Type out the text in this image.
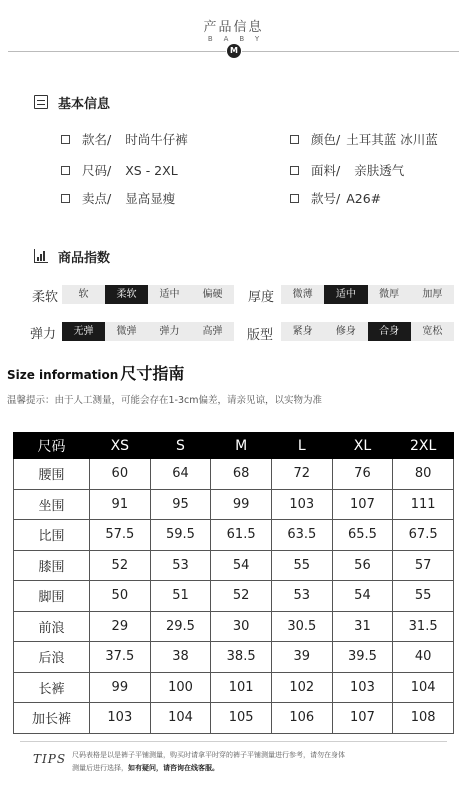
产品信息
BABY
M
基本信息
款名/ 时尚牛仔裤	颜色/ 土耳其蓝 冰川蓝
尺码/ XS - 2XL	面料/ 亲肤透气
卖点/ 显高显瘦	款号/ A26#
商品指数
柔软	软	柔软	适中	偏硬	厚度	微薄	适中	微厚	加厚
弹力	无弹	微弹	弹力	高弹	版型	紧身	修身	合身	宽松
Size information 尺寸指南
温馨提示：由于人工测量，可能会存在1-3cm偏差，请亲见谅，以实物为准
尺码	XS	S	M	L	XL	2XL
腰围	60	64	68	72	76	80
坐围	91	95	99	103	107	111
比围	57.5	59.5	61.5	63.5	65.5	67.5
膝围	52	53	54	55	56	57
脚围	50	51	52	53	54	55
前浪	29	29.5	30	30.5	31	31.5
后浪	37.5	38	38.5	39	39.5	40
长裤	99	100	101	102	103	104
加长裤	103	104	105	106	107	108
TIPS 尺码表格是以是裤子平铺测量，购买时请拿平时穿的裤子平铺测量进行参考，请勿在身体
测量后进行选择，如有疑问，请咨询在线客服。
